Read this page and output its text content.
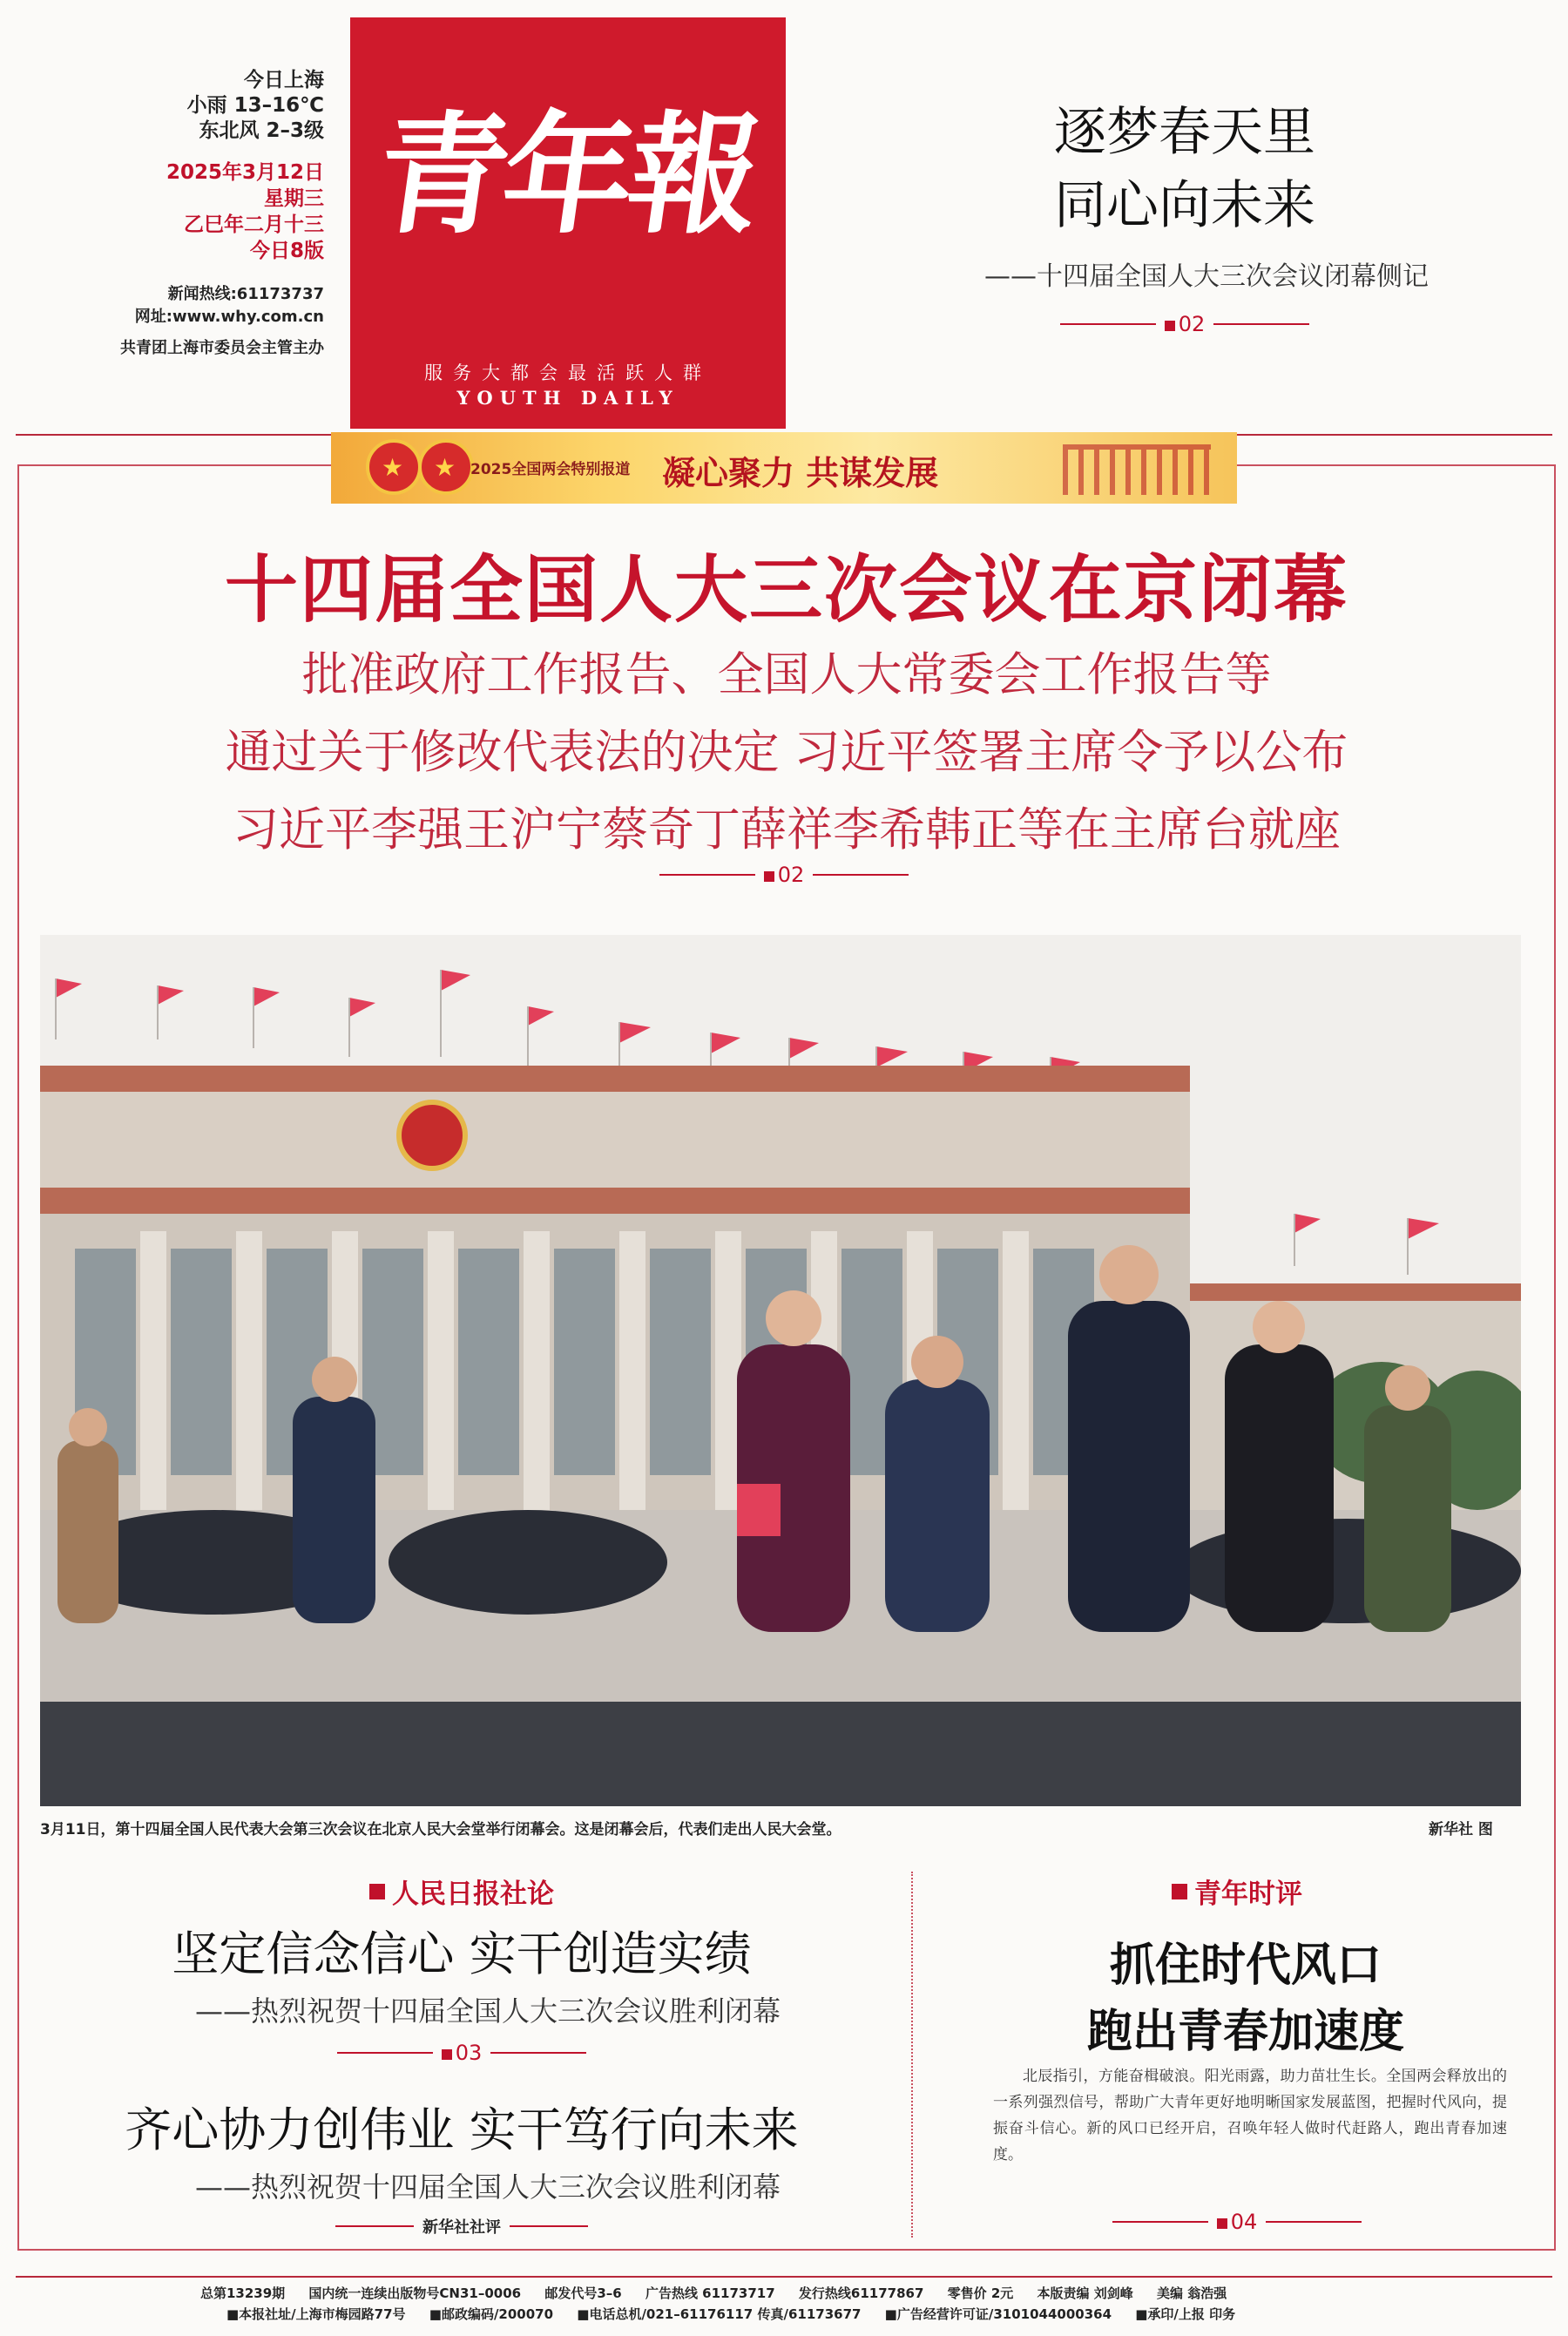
今日上海
小雨 13–16℃
东北风 2–3级
2025年3月12日
星期三
乙巳年二月十三
今日8版
新闻热线:61173737
网址:www.why.com.cn
共青团上海市委员会主管主办
青年報
服务大都会最活跃人群
YOUTH DAILY
逐梦春天里
同心向未来
——十四届全国人大三次会议闭幕侧记
02
★ ★ 2025全国两会特别报道 凝心聚力 共谋发展
十四届全国人大三次会议在京闭幕
批准政府工作报告、全国人大常委会工作报告等
通过关于修改代表法的决定 习近平签署主席令予以公布
习近平李强王沪宁蔡奇丁薛祥李希韩正等在主席台就座
02
3月11日，第十四届全国人民代表大会第三次会议在北京人民大会堂举行闭幕会。这是闭幕会后，代表们走出人民大会堂。	新华社 图
人民日报社论
坚定信念信心 实干创造实绩
——热烈祝贺十四届全国人大三次会议胜利闭幕
03
齐心协力创伟业 实干笃行向未来
——热烈祝贺十四届全国人大三次会议胜利闭幕
新华社社评
青年时评
抓住时代风口
跑出青春加速度
北辰指引，方能奋楫破浪。阳光雨露，助力苗壮生长。全国两会释放出的一系列强烈信号，帮助广大青年更好地明晰国家发展蓝图，把握时代风向，提振奋斗信心。新的风口已经开启，召唤年轻人做时代赶路人，跑出青春加速度。
04
总第13239期 国内统一连续出版物号CN31–0006 邮发代号3–6 广告热线 61173717 发行热线61177867 零售价 2元 本版责编 刘剑峰 美编 翁浩强
■本报社址/上海市梅园路77号 ■邮政编码/200070 ■电话总机/021–61176117 传真/61173677 ■广告经营许可证/3101044000364 ■承印/上报 印务
